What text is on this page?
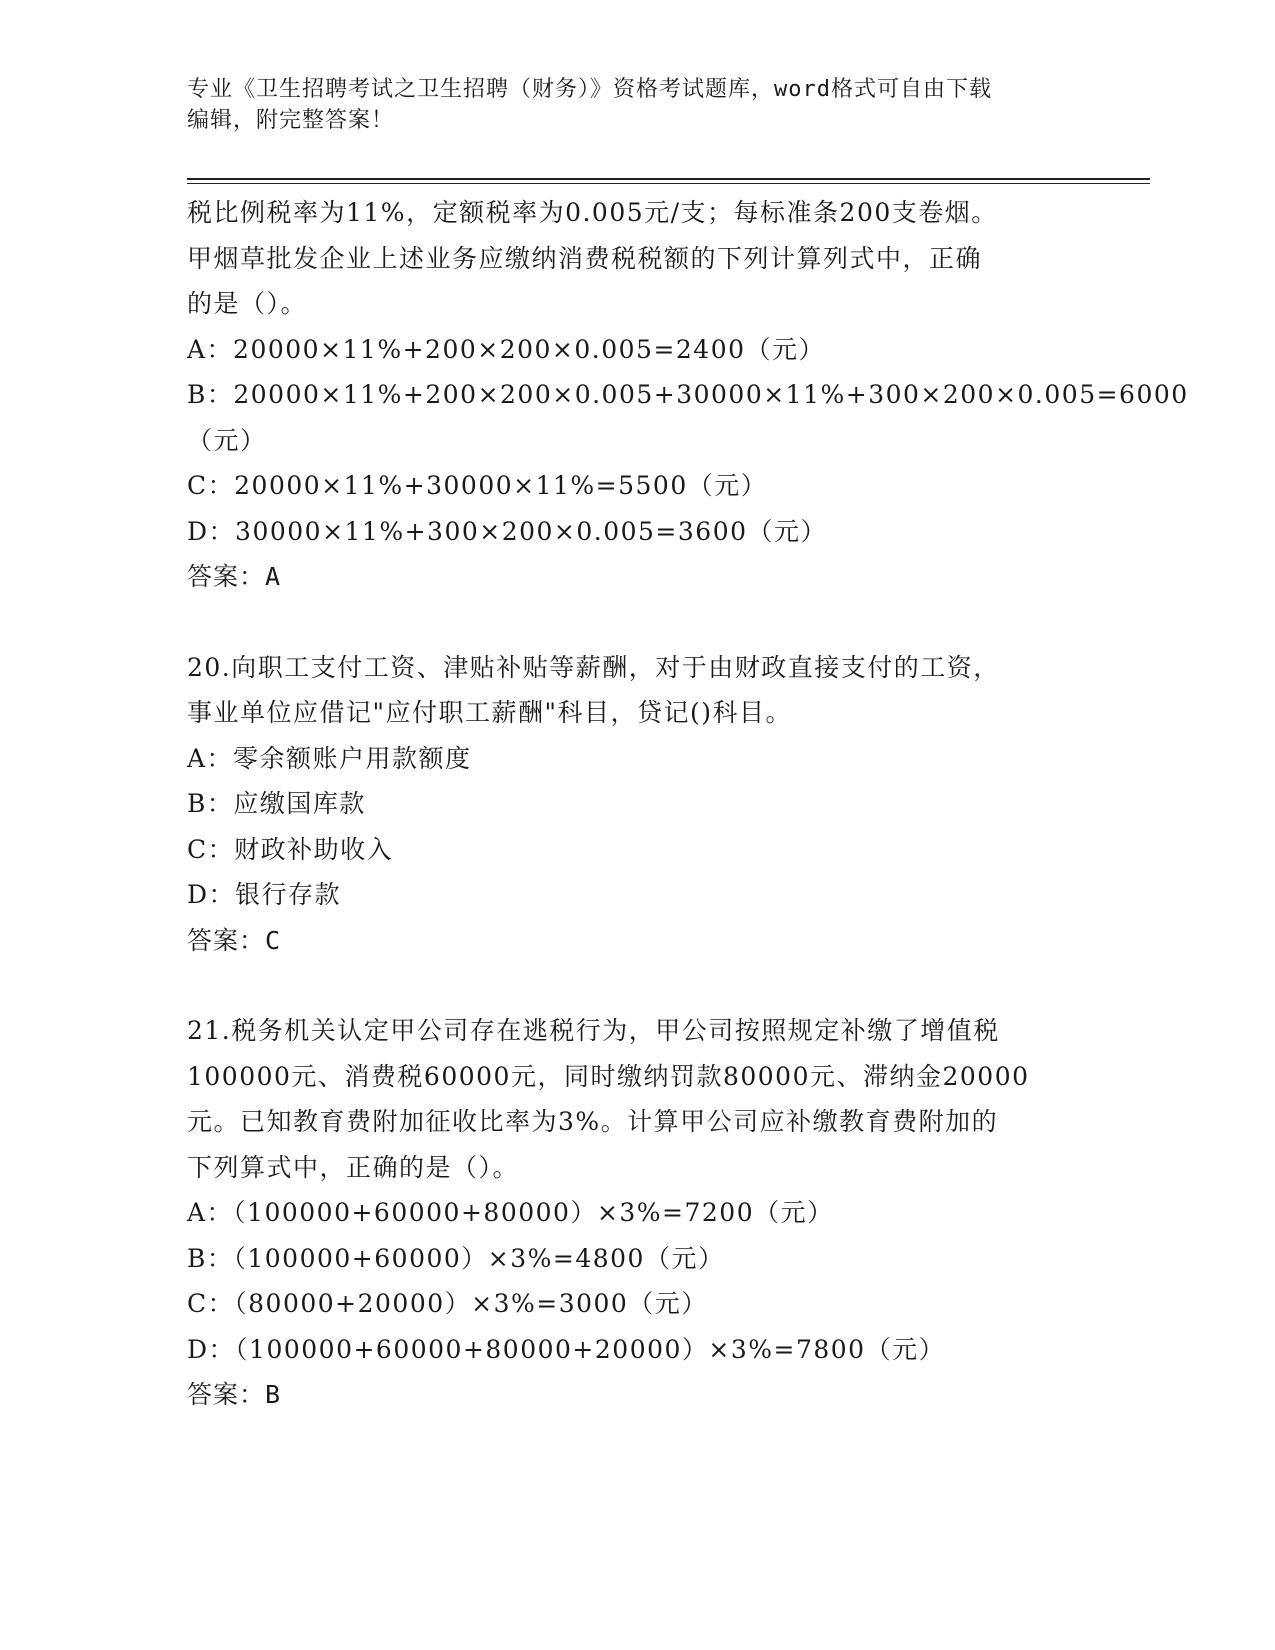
专业《卫生招聘考试之卫生招聘（财务）》资格考试题库，word格式可自由下载
编辑，附完整答案！
税比例税率为11%，定额税率为0.005元/支；每标准条200支卷烟。
甲烟草批发企业上述业务应缴纳消费税税额的下列计算列式中，正确
的是（）。
A：20000×11%+200×200×0.005=2400（元）
B：20000×11%+200×200×0.005+30000×11%+300×200×0.005=6000
（元）
C：20000×11%+30000×11%=5500（元）
D：30000×11%+300×200×0.005=3600（元）
答案：A
20.向职工支付工资、津贴补贴等薪酬，对于由财政直接支付的工资，
事业单位应借记"应付职工薪酬"科目，贷记()科目。
A：零余额账户用款额度
B：应缴国库款
C：财政补助收入
D：银行存款
答案：C
21.税务机关认定甲公司存在逃税行为，甲公司按照规定补缴了增值税
100000元、消费税60000元，同时缴纳罚款80000元、滞纳金20000
元。已知教育费附加征收比率为3%。计算甲公司应补缴教育费附加的
下列算式中，正确的是（）。
A：（100000+60000+80000）×3%=7200（元）
B：（100000+60000）×3%=4800（元）
C：（80000+20000）×3%=3000（元）
D：（100000+60000+80000+20000）×3%=7800（元）
答案：B
